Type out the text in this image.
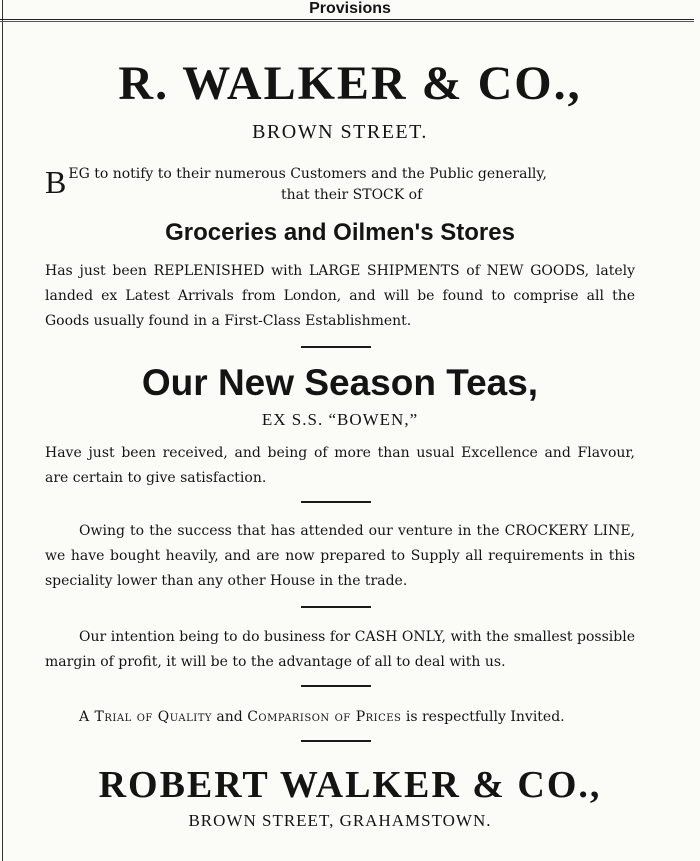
Provisions
R. WALKER & CO.,
BROWN STREET.
B EG to notify to their numerous Customers and the Public generally,
that their STOCK of
Groceries and Oilmen's Stores
Has just been REPLENISHED with LARGE SHIPMENTS of NEW GOODS, lately landed ex Latest Arrivals from London, and will be found to comprise all the Goods usually found in a First-Class Establishment.
Our New Season Teas,
EX S.S. “BOWEN,”
Have just been received, and being of more than usual Excellence and Flavour, are certain to give satisfaction.
Owing to the success that has attended our venture in the CROCKERY LINE, we have bought heavily, and are now prepared to Supply all requirements in this speciality lower than any other House in the trade.
Our intention being to do business for CASH ONLY, with the smallest possible margin of profit, it will be to the advantage of all to deal with us.
A Trial of Quality and Comparison of Prices is respectfully Invited.
ROBERT WALKER & CO.,
BROWN STREET, GRAHAMSTOWN.
